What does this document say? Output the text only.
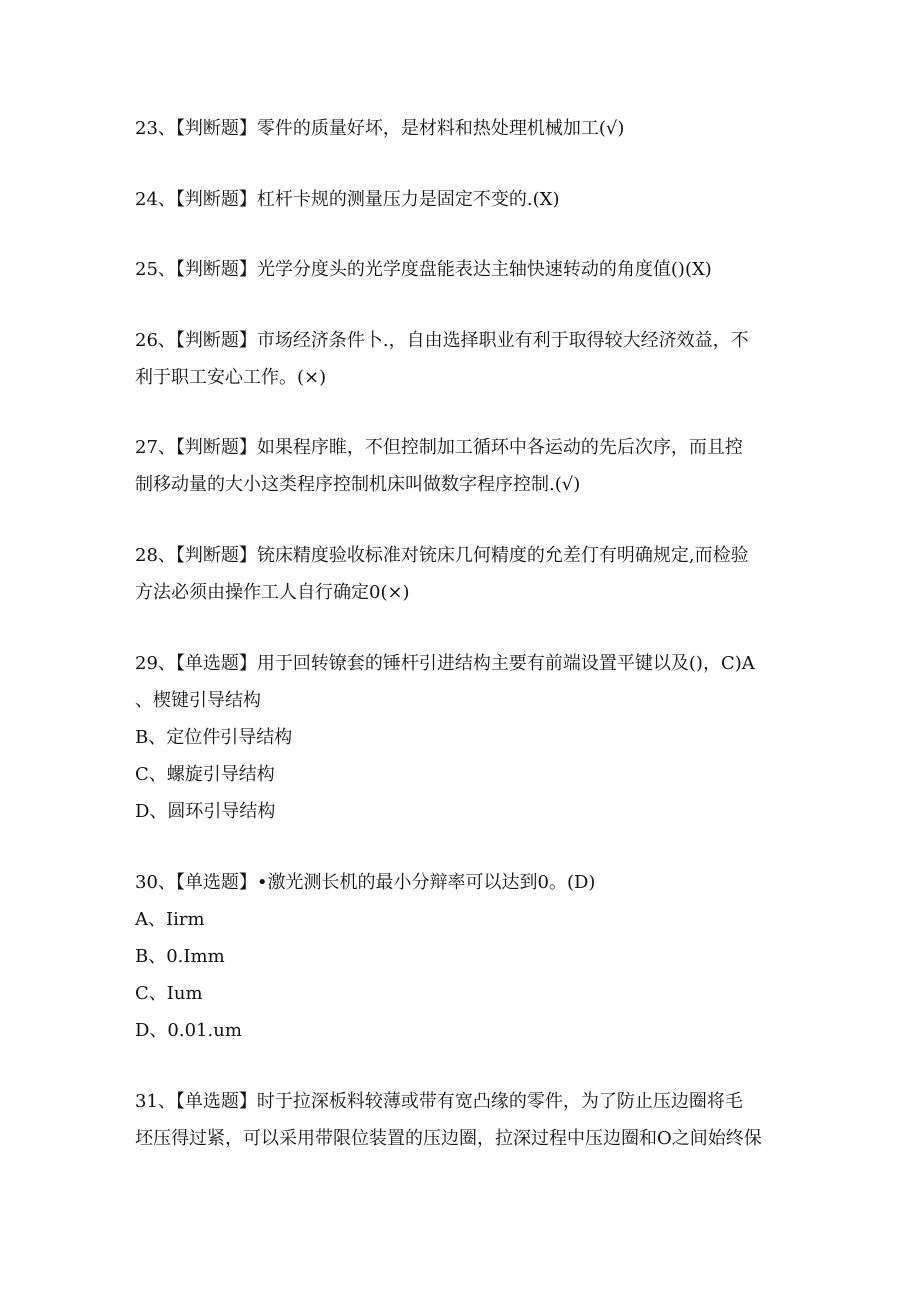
23、【判断题】零件的质量好坏，是材料和热处理机械加工(√)
24、【判断题】杠杆卡规的测量压力是固定不变的.(X)
25、【判断题】光学分度头的光学度盘能表达主轴快速转动的角度值()(X)
26、【判断题】市场经济条件卜.，自由选择职业有利于取得较大经济效益，不
利于职工安心工作。(×)
27、【判断题】如果程序睢，不但控制加工循环中各运动的先后次序，而且控
制移动量的大小这类程序控制机床叫做数字程序控制.(√)
28、【判断题】铳床精度验收标准对铳床几何精度的允差仃有明确规定,而检验
方法必须由操作工人自行确定0(×)
29、【单选题】用于回转镣套的锤杆引进结构主要有前端设置平键以及()，C)A
、楔键引导结构
B、定位件引导结构
C、螺旋引导结构
D、圆环引导结构
30、【单选题】•激光测长机的最小分辩率可以达到0。(D)
A、Iirm
B、0.Imm
C、Ium
D、0.01.um
31、【单选题】时于拉深板料较薄或带有宽凸缘的零件，为了防止压边圈将毛
坯压得过紧，可以采用带限位装置的压边圈，拉深过程中压边圈和O之间始终保
